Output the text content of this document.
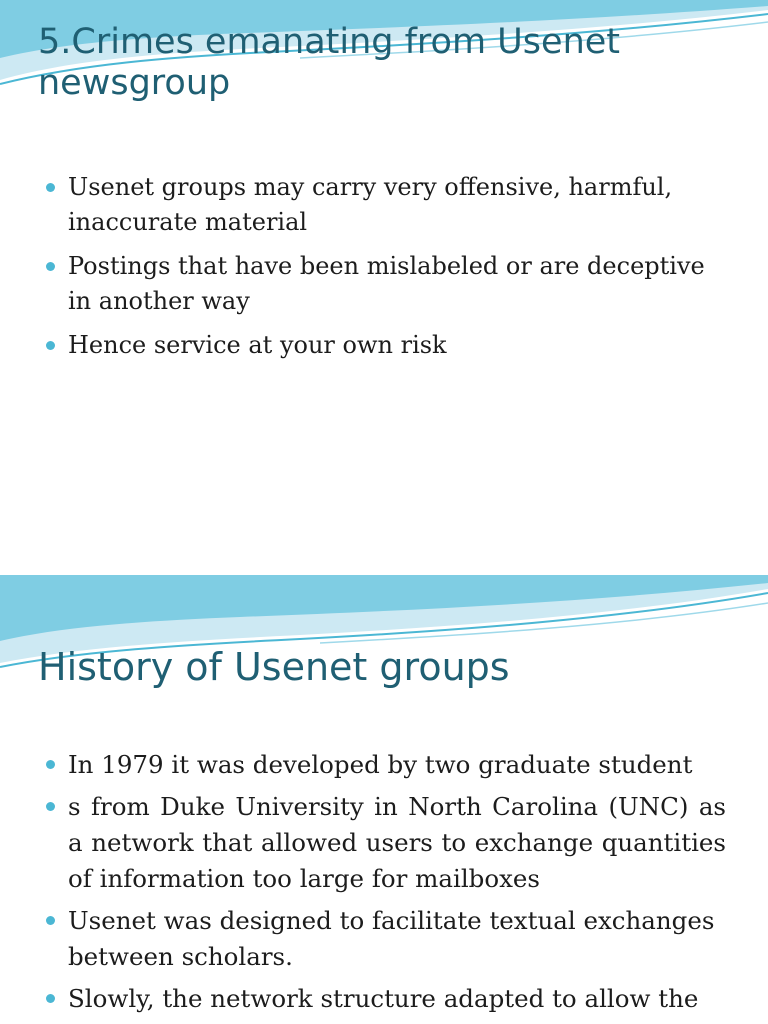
5.Crimes emanating from Usenet newsgroup
Usenet groups may carry very offensive, harmful, inaccurate material
Postings that have been mislabeled or are deceptive in another way
Hence service at your own risk
History of Usenet groups
In 1979 it was developed by two graduate student
s from Duke University in North Carolina (UNC) as a network that allowed users to exchange quantities of information too large for mailboxes
Usenet was designed to facilitate textual exchanges between scholars.
Slowly, the network structure adapted to allow the
